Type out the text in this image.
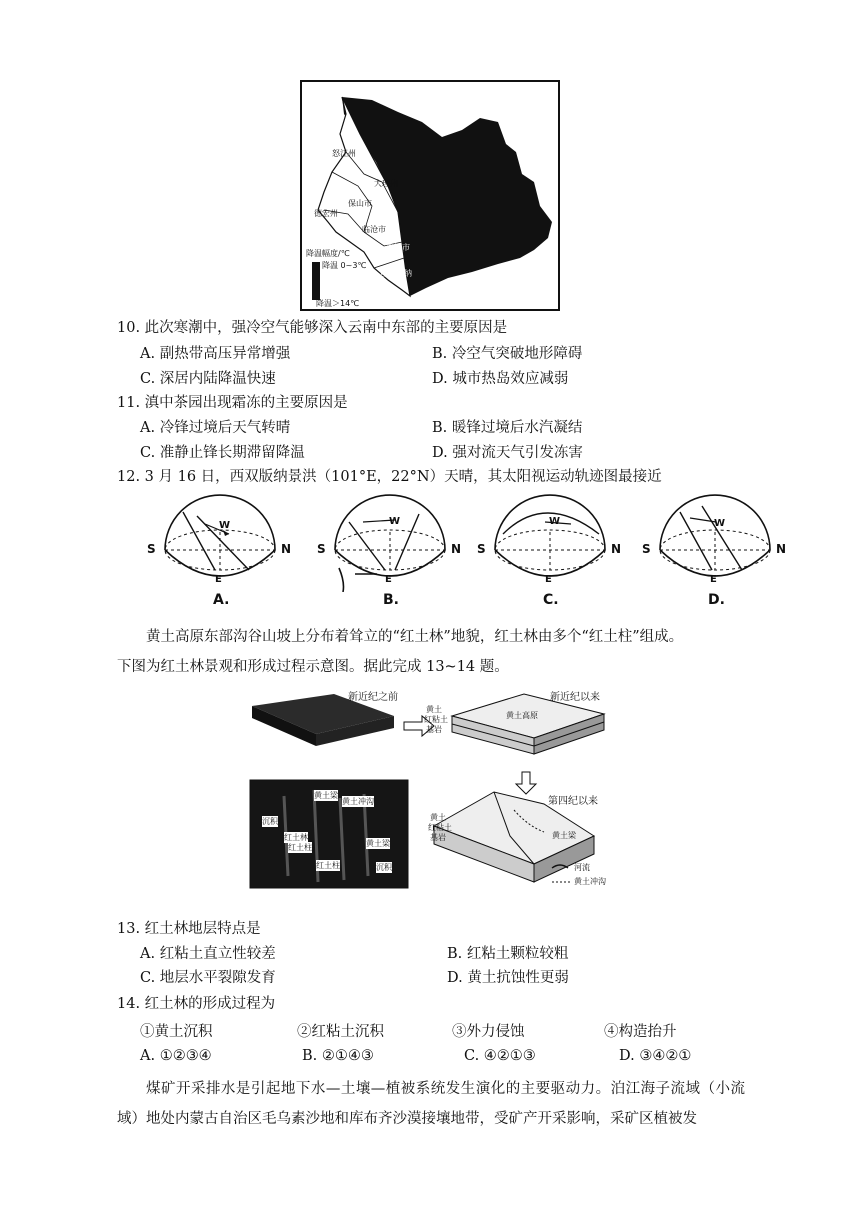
怒江州
大理州
保山市
德宏州
临沧市
普洱市
西双版纳
降温幅度/℃
降温 0~3℃
降温＞14℃
10. 此次寒潮中，强冷空气能够深入云南中东部的主要原因是
A. 副热带高压异常增强	B. 冷空气突破地形障碍
C. 深居内陆降温快速	D. 城市热岛效应减弱
11. 滇中茶园出现霜冻的主要原因是
A. 冷锋过境后天气转晴	B. 暖锋过境后水汽凝结
C. 准静止锋长期滞留降温	D. 强对流天气引发冻害
12. 3 月 16 日，西双版纳景洪（101°E，22°N）天晴，其太阳视运动轨迹图最接近
S	N
W
E
A.
S	N
W
E
B.
S	N
W
E
C.
S	N
W
E
D.
黄土高原东部沟谷山坡上分布着耸立的“红土林”地貌，红土林由多个“红土柱”组成。
下图为红土林景观和形成过程示意图。据此完成 13~14 题。
新近纪之前	新近纪以来
黄土高原
黄土
红粘土
基岩
第四纪以来
黄土
红粘土
基岩	黄土梁
黄土梁
黄土冲沟
沉积
红土林
红土柱
红土柱
黄土梁
沉积	河流
黄土冲沟
13. 红土林地层特点是
A. 红粘土直立性较差	B. 红粘土颗粒较粗
C. 地层水平裂隙发育	D. 黄土抗蚀性更弱
14. 红土林的形成过程为
①黄土沉积	②红粘土沉积	③外力侵蚀	④构造抬升
A. ①②③④	B. ②①④③	C. ④②①③	D. ③④②①
煤矿开采排水是引起地下水—土壤—植被系统发生演化的主要驱动力。泊江海子流域（小流域）地处内蒙古自治区毛乌素沙地和库布齐沙漠接壤地带，受矿产开采影响，采矿区植被发
